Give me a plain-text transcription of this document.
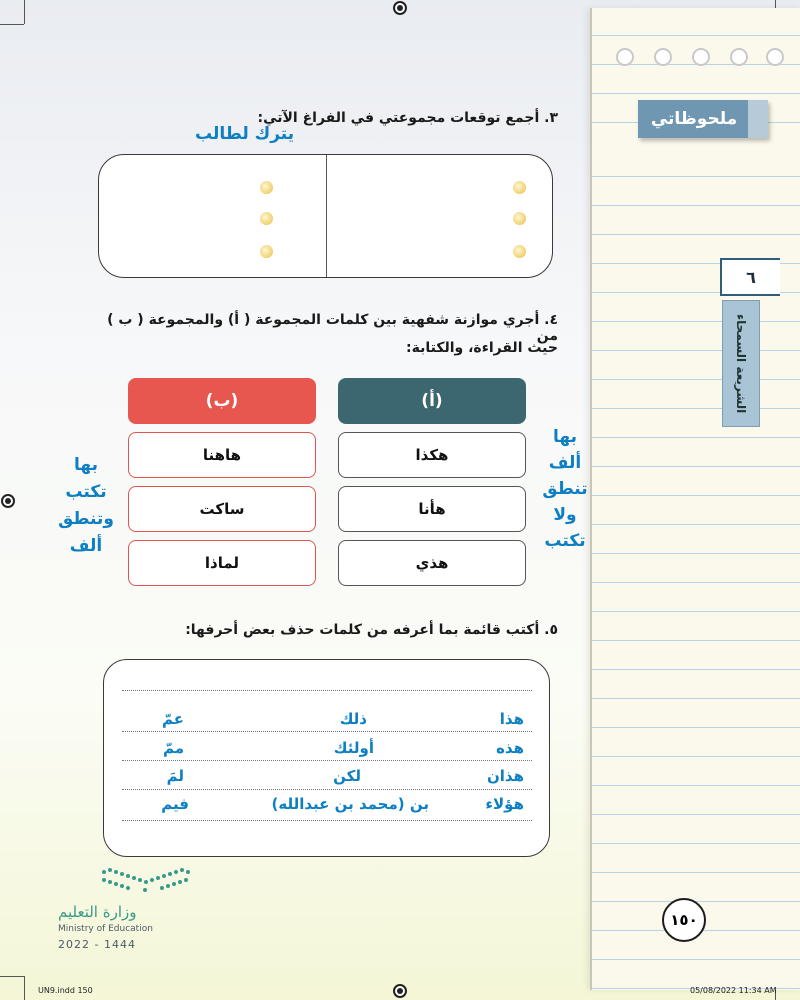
ملحوظاتي
٦
الشريعة السمحاء
٣. أجمع توقعات مجموعتي في الفراغ الآتي:
يترك لطالب
٤. أجري موازنة شفهية بين كلمات المجموعة ( أ) والمجموعة ( ب ) من
حيث القراءة، والكتابة:
(أ)
(ب)
هكذا
هأنا
هذي
هاهنا
ساكت
لماذا
بها
ألف
تنطق
ولا
تكتب
بها
تكتب
وتنطق
ألف
٥. أكتب قائمة بما أعرفه من كلمات حذف بعض أحرفها:
هذا
ذلك
عمّ
هذه
أولئك
ممّ
هذان
لكن
لمَ
هؤلاء
بن (محمد بن عبدالله)
فيم
وزارة التعليم
Ministry of Education
2022 - 1444
١٥٠
UN9.indd 150	05/08/2022 11:34 AM
